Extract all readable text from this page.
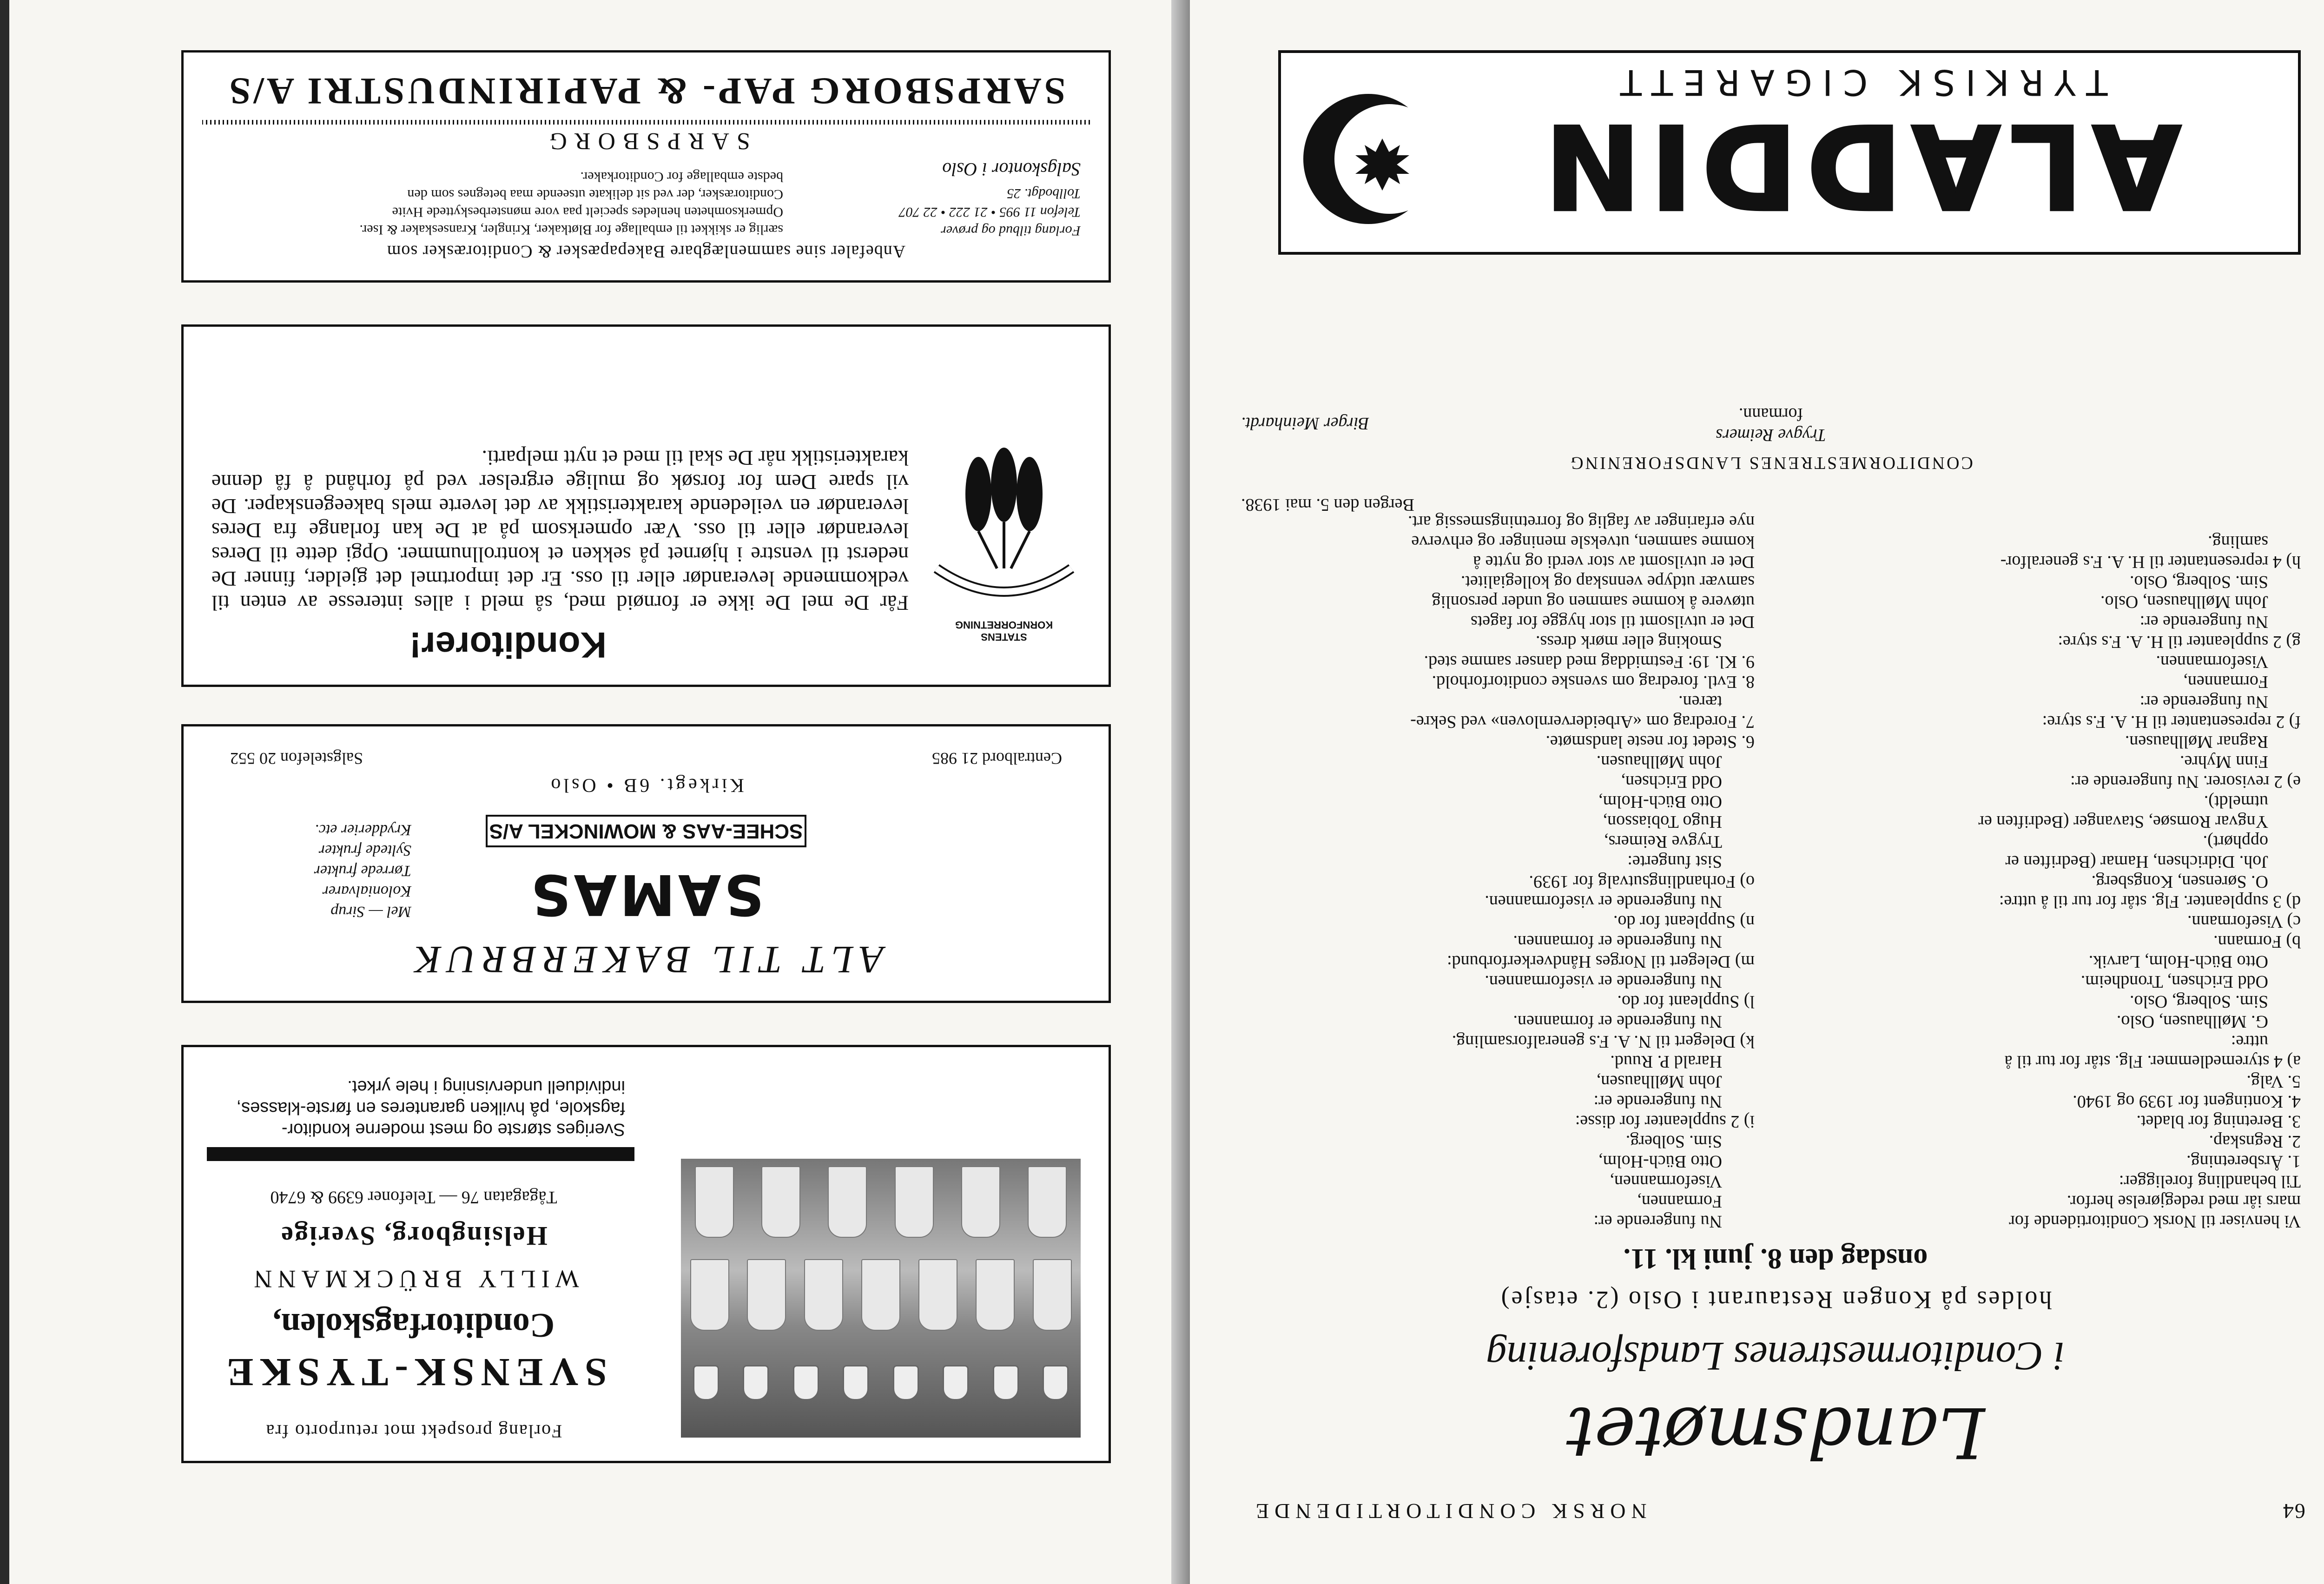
64
NORSK CONDITORTIDENDE
Landsmøtet
i Conditormestrenes Landsforening
holdes på Kongen Restaurant i Oslo (2. etasje)
onsdag den 8. juni kl. 11.

Vi henviser til Norsk Conditortidende for

mars iår med redegjørelse herfor.

Til behandling foreligger:

1. Årsberetning.

2. Regnskap.

3. Beretning for bladet.

4. Kontingent for 1939 og 1940.

5. Valg.

a) 4 styremedlemmer. Flg. står for tur til å

uttre:

G. Møllhausen, Oslo.

Sim. Solberg, Oslo.

Odd Erichsen, Trondheim.

Otto Büch-Holm, Larvik.

b) Formann.

c) Viseformann.

d) 3 suppleanter. Flg. står for tur til å uttre:

O. Sørensen, Kongsberg.

Joh. Didrichsen, Hamar (Bedriften er

opphørt).

Yngvar Romsøe, Stavanger (Bedriften er

utmeldt).

e) 2 revisorer. Nu fungerende er:

Finn Myhre.

Ragnar Møllhausen.

f) 2 representanter til H. A. F.s styre:

Nu fungerende er:

Formannen,

Viseformannen.

g) 2 suppleanter til H. A. F.s styre:

Nu fungerende er:

John Møllhausen, Oslo.

Sim. Solberg, Oslo.

h) 4 representanter til H. A. F.s generalfor-

samling.

Nu fungerende er:

Formannen,

Viseformannen,

Otto Büch-Holm,

Sim. Solberg.

i) 2 suppleanter for disse:

Nu fungerende er:

John Møllhausen,

Harald P. Ruud.

k) Delegert til N. A. F.s generalforsamling.

Nu fungerende er formannen.

l) Suppleant for do.

Nu fungerende er viseformannen.

m) Delegert til Norges Håndverkerforbund:

Nu fungerende er formannen.

n) Suppleant for do.

Nu fungerende er viseformannen.

o) Forhandlingsutvalg for 1939.

Sist fungerte:

Trygve Reimers,

Hugo Tobiasson,

Otto Büch-Holm,

Odd Erichsen,

John Møllhausen.

6. Stedet for neste landsmøte.

7. Foredrag om «Arbeidervernloven» ved Sekre-

tæren.

8. Evtl. foredrag om svenske conditorforhold.

9. Kl. 19: Festmiddag med danser samme sted.

Smoking eller mørk dress.

Det er utvilsomt til stor hygge for fagets

utøvere å komme sammen og under personlig

samvær utdype vennskap og kollegialitet.

Det er utvilsomt av stor verdi og nytte å

komme sammen, utveksle meninger og erhverve

nye erfaringer av faglig og forretningsmessig art.

Bergen den 5. mai 1938.
CONDITORMESTRENES LANDSFORENING
Trygve Reimers
formann.
Birger Meinhardt.
ALADDIN
TYRKISK CIGARETT
Forlang prospekt mot returporto fra
SVENSK-TYSKE
Conditorfagskolen,
WILLY BRÜCKMANN
Helsingborg, Sverige
Tågagatan 76 — Telefoner 6399 & 6740
Sveriges største og mest moderne konditor-fagskole, på hvilken garanteres en første-klasses, individuell undervisning i hele yrket.
ALT TIL BAKERBRUK
SAMAS
SCHEE-AAS & MOWINCKEL A/S
Kirkegt. 6B • Oslo
Centralbord 21 985
Salgstelefon 20 552
Mel — Sirup
Kolonialvarer
Tørrede frukter
Syltede frukter
Krydderier etc.
Konditorer!	STATENS KORNFORRETNING
Får De mel De ikke er fornøid med, så meld i alles interesse av enten til vedkommende leverandør eller til oss. Er det importmel det gjelder, finner De nederst til venstre i hjørnet på sekken et kontrollnummer. Opgi dette til Deres leverandør eller til oss. Vær opmerksom på at De kan forlange fra Deres leverandør en veiledende karakteristikk av det leverte mels bakeegenskaper. De vil spare Dem for forsøk og mulige ergrelser ved på forhånd å få denne karakteristikk når De skal til med et nytt melparti.
Anbefaler sine sammenlægbare Bakepapæsker & Conditoræsker som
Forlang tilbud og prøver
Telefon 11 995 • 21 222 • 22 707
Tollbodgt. 25
Salgskontor i Oslo
særlig er skikket til emballage for Bløtkaker, Kringler, Kranseskaker & Iser.
Opmerksomheten henledes specielt paa vore mønsterbeskyttede Hvite
Conditoræsker, der ved sit delikate utseende maa betegnes som den
bedste emballage for Conditorkaker.
SARPSBORG
SARPSBORG PAP- & PAPIRINDUSTRI A/S
